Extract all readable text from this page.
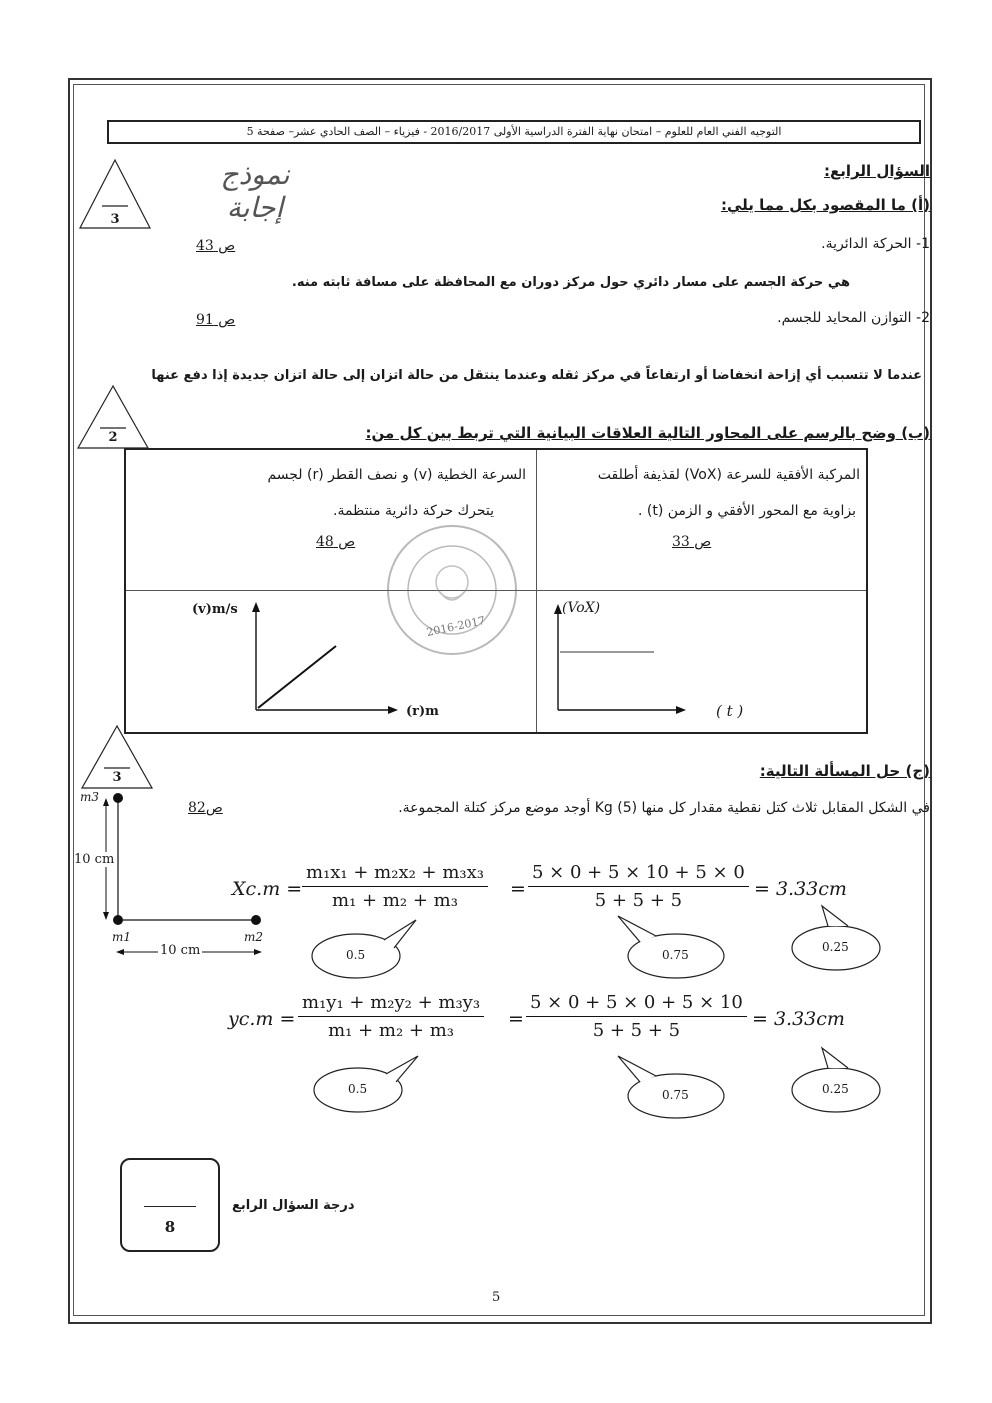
التوجيه الفني العام للعلوم – امتحان نهاية الفترة الدراسية الأولى 2016/2017 - فيزياء – الصف الحادي عشر– صفحة 5
نموذج إجابة
السؤال الرابع:
3
(أ) ما المقصود بكل مما يلي:
1- الحركة الدائرية.
ص 43
هي حركة الجسم على مسار دائري حول مركز دوران مع المحافظة على مسافة ثابته منه.
2- التوازن المحايد للجسم.
ص 91
عندما لا تتسبب أي إزاحة انخفاضا أو ارتفاعاً في مركز ثقله وعندما ينتقل من حالة اتزان إلى حالة اتزان جديدة إذا دفع عنها
2	(ب) وضح بالرسم على المحاور التالية العلاقات البيانية التي تربط بين كل من:
المركبة الأفقية للسرعة (VoX) لقذيفة أطلقت
بزاوية مع المحور الأفقي و الزمن (t) .
ص 33
السرعة الخطية (v) و نصف القطر (r) لجسم
يتحرك حركة دائرية منتظمة.
ص 48
(v)m/s
(r)m
(VoX)
( t )
2016-2017
3	(ج) حل المسألة التالية:
في الشكل المقابل ثلاث كتل نقطية مقدار كل منها Kg (5) أوجد موضع مركز كتلة المجموعة.
ص82
m3
m1	m2
10 cm
10 cm
$Xc.m = \frac{\text{m₁x₁ + m₂x₂ + m₃x₃}}{\text{m₁ + m₂ + m₃}} = \frac{5 \times 0 + 5 \times 10 + 5 \times 0}{5 + 5 + 5} = 3.33cm$
0.5	0.75
0.25
$yc.m = \frac{\text{m₁y₁ + m₂y₂ + m₃y₃}}{\text{m₁ + m₂ + m₃}} = \frac{5 \times 0 + 5 \times 0 + 5 \times 10}{5 + 5 + 5} = 3.33cm$
0.5	0.75	0.25
8
درجة السؤال الرابع
5
